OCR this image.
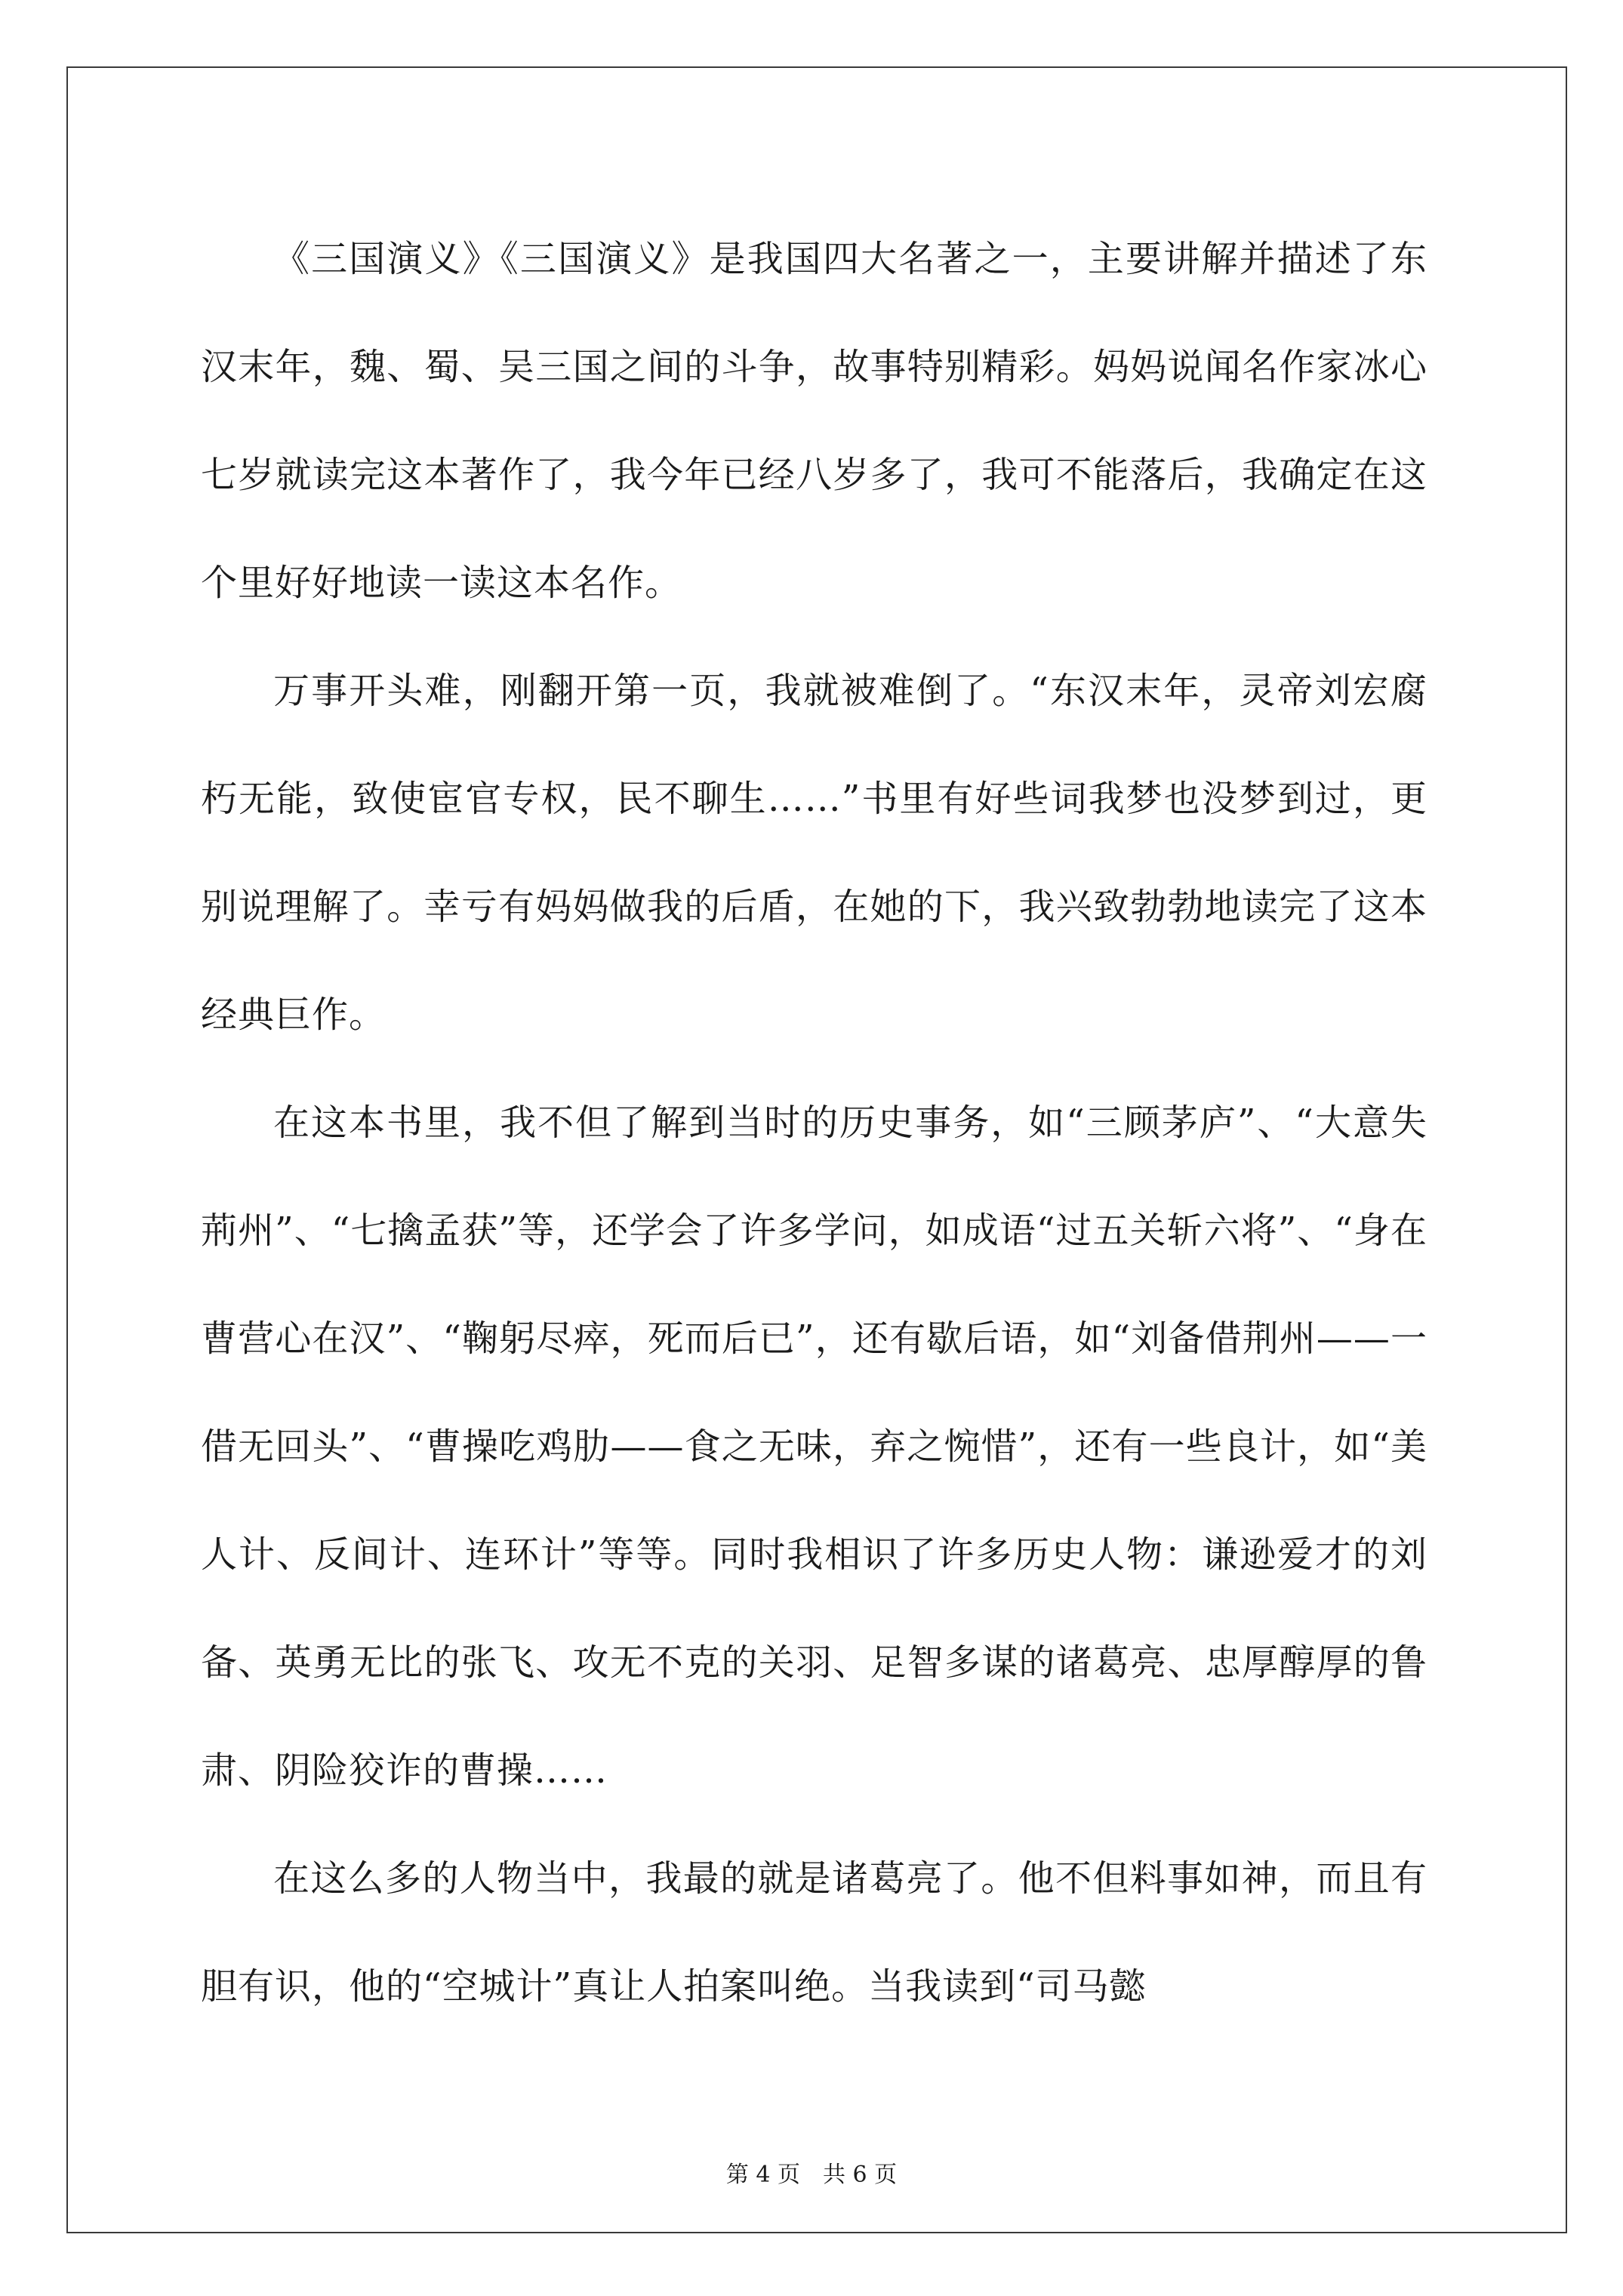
《三国演义》《三国演义》是我国四大名著之一，主要讲解并描述了东汉末年，魏、蜀、吴三国之间的斗争，故事特别精彩。妈妈说闻名作家冰心七岁就读完这本著作了，我今年已经八岁多了，我可不能落后，我确定在这个里好好地读一读这本名作。

万事开头难，刚翻开第一页，我就被难倒了。“东汉末年，灵帝刘宏腐朽无能，致使宦官专权，民不聊生……”书里有好些词我梦也没梦到过，更别说理解了。幸亏有妈妈做我的后盾，在她的下，我兴致勃勃地读完了这本经典巨作。

在这本书里，我不但了解到当时的历史事务，如“三顾茅庐”、“大意失荊州”、“七擒孟获”等，还学会了许多学问，如成语“过五关斩六将”、“身在曹营心在汉”、“鞠躬尽瘁，死而后已”，还有歇后语，如“刘备借荆州——一借无回头”、“曹操吃鸡肋——食之无味，弃之惋惜”，还有一些良计，如“美人计、反间计、连环计”等等。同时我相识了许多历史人物：谦逊爱才的刘备、英勇无比的张飞、攻无不克的关羽、足智多谋的诸葛亮、忠厚醇厚的鲁肃、阴险狡诈的曹操……

在这么多的人物当中，我最的就是诸葛亮了。他不但料事如神，而且有胆有识，他的“空城计”真让人拍案叫绝。当我读到“司马懿

第 4 页　共 6 页
